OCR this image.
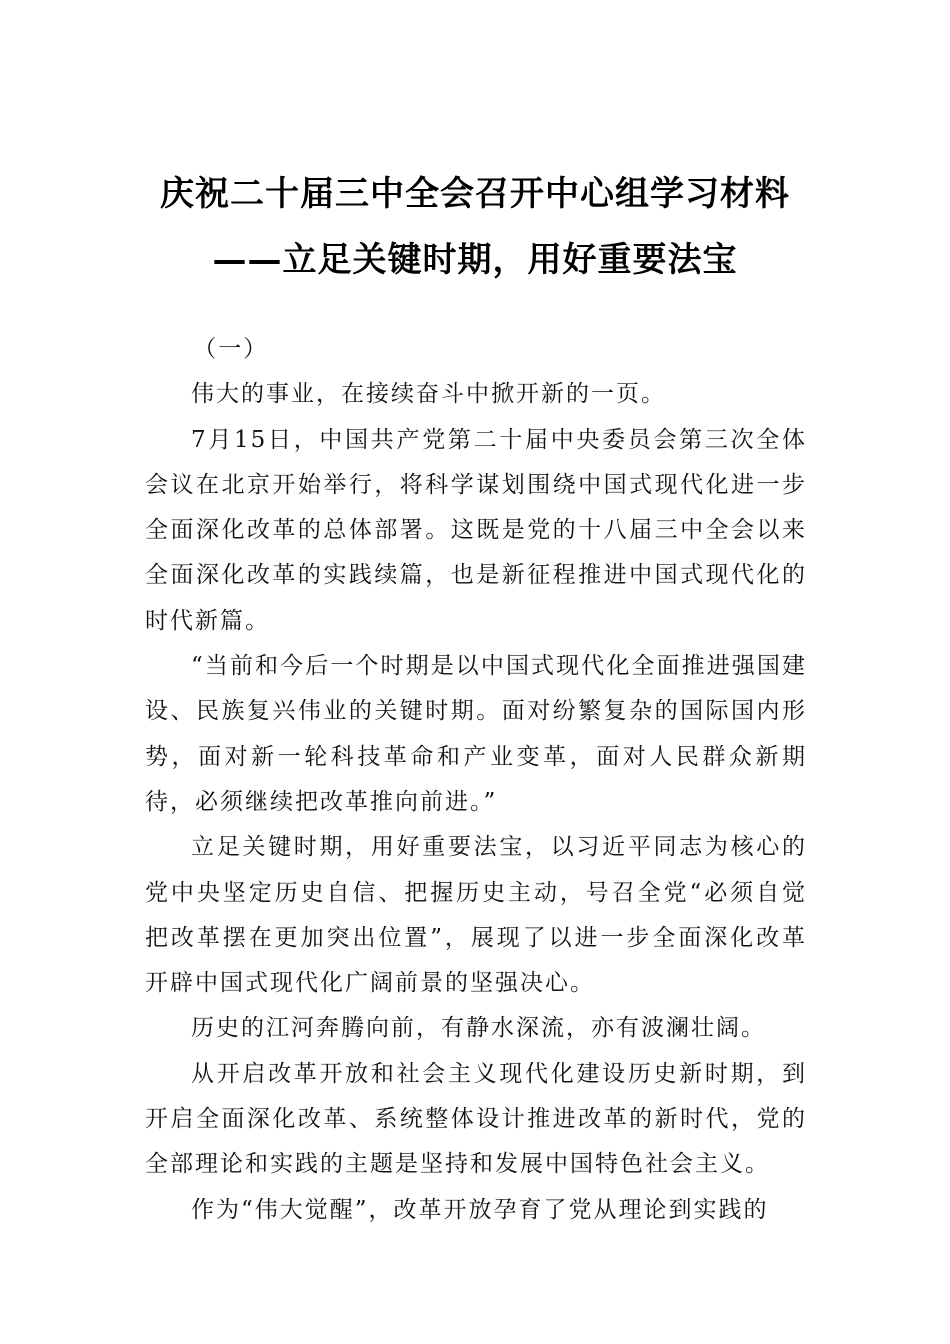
庆祝二十届三中全会召开中心组学习材料
——立足关键时期，用好重要法宝

（一）

伟大的事业，在接续奋斗中掀开新的一页。

7月15日，中国共产党第二十届中央委员会第三次全体会议在北京开始举行，将科学谋划围绕中国式现代化进一步全面深化改革的总体部署。这既是党的十八届三中全会以来全面深化改革的实践续篇，也是新征程推进中国式现代化的时代新篇。

“当前和今后一个时期是以中国式现代化全面推进强国建设、民族复兴伟业的关键时期。面对纷繁复杂的国际国内形势，面对新一轮科技革命和产业变革，面对人民群众新期待，必须继续把改革推向前进。”

立足关键时期，用好重要法宝，以习近平同志为核心的党中央坚定历史自信、把握历史主动，号召全党“必须自觉把改革摆在更加突出位置”，展现了以进一步全面深化改革开辟中国式现代化广阔前景的坚强决心。

历史的江河奔腾向前，有静水深流，亦有波澜壮阔。

从开启改革开放和社会主义现代化建设历史新时期，到开启全面深化改革、系统整体设计推进改革的新时代，党的全部理论和实践的主题是坚持和发展中国特色社会主义。

作为“伟大觉醒”，改革开放孕育了党从理论到实践的
